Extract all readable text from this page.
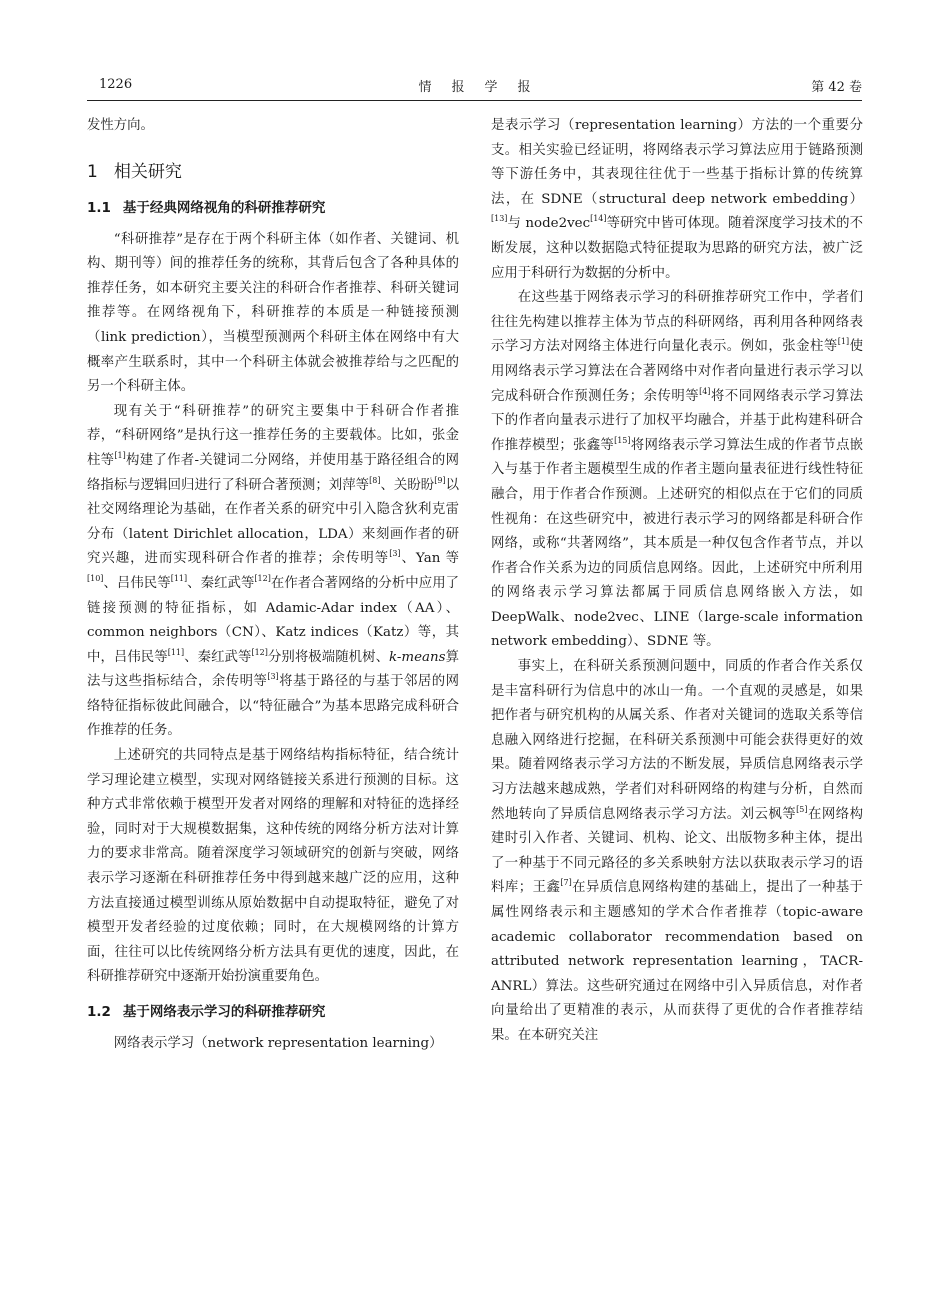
1226	情报学报	第 42 卷

发性方向。

1 相关研究
1.1 基于经典网络视角的科研推荐研究

“科研推荐”是存在于两个科研主体（如作者、关键词、机构、期刊等）间的推荐任务的统称，其背后包含了各种具体的推荐任务，如本研究主要关注的科研合作者推荐、科研关键词推荐等。在网络视角下，科研推荐的本质是一种链接预测（link prediction），当模型预测两个科研主体在网络中有大概率产生联系时，其中一个科研主体就会被推荐给与之匹配的另一个科研主体。

现有关于“科研推荐”的研究主要集中于科研合作者推荐，“科研网络”是执行这一推荐任务的主要载体。比如，张金柱等[1]构建了作者-关键词二分网络，并使用基于路径组合的网络指标与逻辑回归进行了科研合著预测；刘萍等[8]、关盼盼[9]以社交网络理论为基础，在作者关系的研究中引入隐含狄利克雷分布（latent Dirichlet allocation，LDA）来刻画作者的研究兴趣，进而实现科研合作者的推荐；余传明等[3]、Yan 等[10]、吕伟民等[11]、秦红武等[12]在作者合著网络的分析中应用了链接预测的特征指标，如 Adamic-Adar index（AA）、common neighbors（CN）、Katz indices（Katz）等，其中，吕伟民等[11]、秦红武等[12]分别将极端随机树、k-means算法与这些指标结合，余传明等[3]将基于路径的与基于邻居的网络特征指标彼此间融合，以“特征融合”为基本思路完成科研合作推荐的任务。

上述研究的共同特点是基于网络结构指标特征，结合统计学习理论建立模型，实现对网络链接关系进行预测的目标。这种方式非常依赖于模型开发者对网络的理解和对特征的选择经验，同时对于大规模数据集，这种传统的网络分析方法对计算力的要求非常高。随着深度学习领域研究的创新与突破，网络表示学习逐渐在科研推荐任务中得到越来越广泛的应用，这种方法直接通过模型训练从原始数据中自动提取特征，避免了对模型开发者经验的过度依赖；同时，在大规模网络的计算方面，往往可以比传统网络分析方法具有更优的速度，因此，在科研推荐研究中逐渐开始扮演重要角色。

1.2 基于网络表示学习的科研推荐研究

网络表示学习（network representation learning）

是表示学习（representation learning）方法的一个重要分支。相关实验已经证明，将网络表示学习算法应用于链路预测等下游任务中，其表现往往优于一些基于指标计算的传统算法，在 SDNE（structural deep network embedding）[13]与 node2vec[14]等研究中皆可体现。随着深度学习技术的不断发展，这种以数据隐式特征提取为思路的研究方法，被广泛应用于科研行为数据的分析中。

在这些基于网络表示学习的科研推荐研究工作中，学者们往往先构建以推荐主体为节点的科研网络，再利用各种网络表示学习方法对网络主体进行向量化表示。例如，张金柱等[1]使用网络表示学习算法在合著网络中对作者向量进行表示学习以完成科研合作预测任务；余传明等[4]将不同网络表示学习算法下的作者向量表示进行了加权平均融合，并基于此构建科研合作推荐模型；张鑫等[15]将网络表示学习算法生成的作者节点嵌入与基于作者主题模型生成的作者主题向量表征进行线性特征融合，用于作者合作预测。上述研究的相似点在于它们的同质性视角：在这些研究中，被进行表示学习的网络都是科研合作网络，或称“共著网络”，其本质是一种仅包含作者节点，并以作者合作关系为边的同质信息网络。因此，上述研究中所利用的网络表示学习算法都属于同质信息网络嵌入方法，如 DeepWalk、node2vec、LINE（large-scale information network embedding）、SDNE 等。

事实上，在科研关系预测问题中，同质的作者合作关系仅是丰富科研行为信息中的冰山一角。一个直观的灵感是，如果把作者与研究机构的从属关系、作者对关键词的选取关系等信息融入网络进行挖掘，在科研关系预测中可能会获得更好的效果。随着网络表示学习方法的不断发展，异质信息网络表示学习方法越来越成熟，学者们对科研网络的构建与分析，自然而然地转向了异质信息网络表示学习方法。刘云枫等[5]在网络构建时引入作者、关键词、机构、论文、出版物多种主体，提出了一种基于不同元路径的多关系映射方法以获取表示学习的语料库；王鑫[7]在异质信息网络构建的基础上，提出了一种基于属性网络表示和主题感知的学术合作者推荐（topic-aware academic collaborator recommendation based on attributed network representation learning，TACR-ANRL）算法。这些研究通过在网络中引入异质信息，对作者向量给出了更精准的表示，从而获得了更优的合作者推荐结果。在本研究关注
